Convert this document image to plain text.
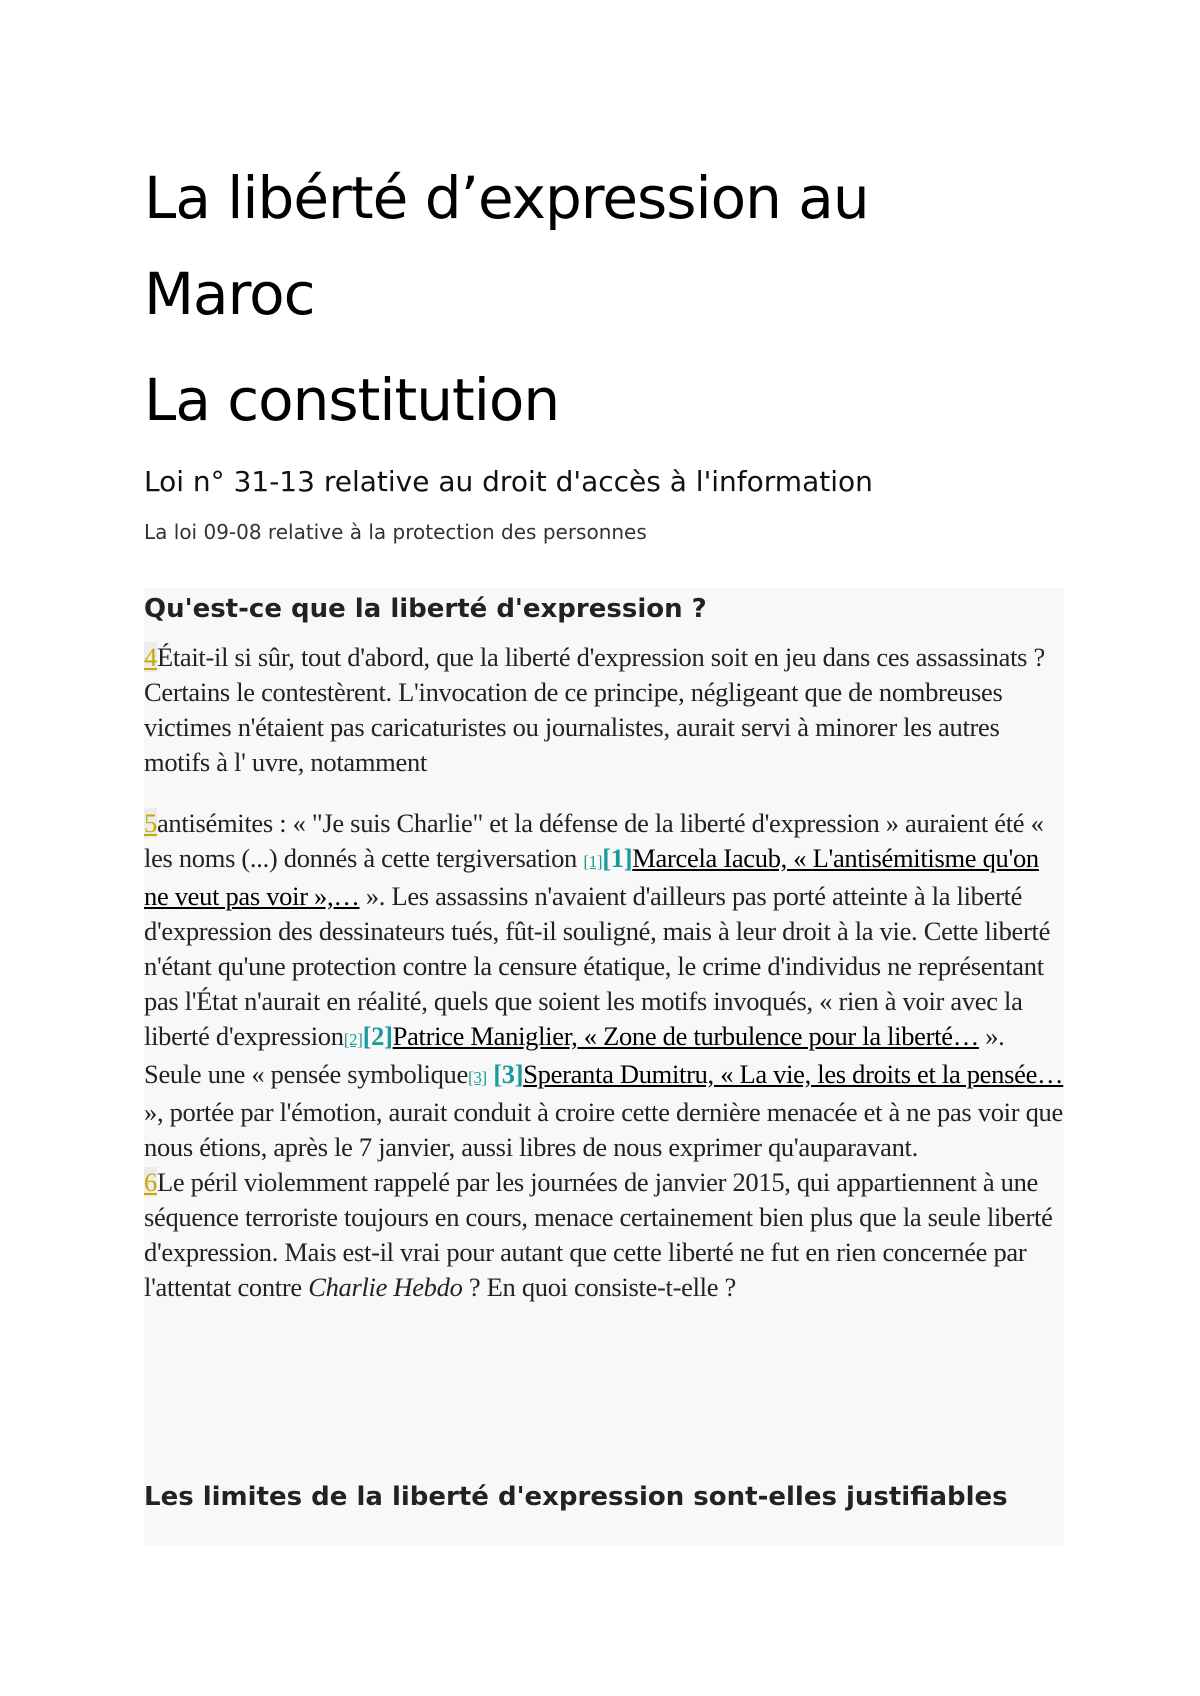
La libérté d’expression au
Maroc
La constitution
Loi n° 31-13 relative au droit d'accès à l'information
La loi 09-08 relative à la protection des personnes
Qu'est-ce que la liberté d'expression ?

4Était-il si sûr, tout d'abord, que la liberté d'expression soit en jeu dans ces assassinats ? Certains le contestèrent. L'invocation de ce principe, négligeant que de nombreuses victimes n'étaient pas caricaturistes ou journalistes, aurait servi à minorer les autres motifs à l' uvre, notamment

5antisémites : « "Je suis Charlie" et la défense de la liberté d'expression » auraient été « les noms (...) donnés à cette tergiversation [1][1]Marcela Iacub, « L'antisémitisme qu'on ne veut pas voir »,… ». Les assassins n'avaient d'ailleurs pas porté atteinte à la liberté d'expression des dessinateurs tués, fût-il souligné, mais à leur droit à la vie. Cette liberté n'étant qu'une protection contre la censure étatique, le crime d'individus ne représentant pas l'État n'aurait en réalité, quels que soient les motifs invoqués, « rien à voir avec la liberté d'expression[2][2]Patrice Maniglier, « Zone de turbulence pour la liberté… ». Seule une « pensée symbolique[3] [3]Speranta Dumitru, « La vie, les droits et la pensée… », portée par l'émotion, aurait conduit à croire cette dernière menacée et à ne pas voir que nous étions, après le 7 janvier, aussi libres de nous exprimer qu'auparavant.
6Le péril violemment rappelé par les journées de janvier 2015, qui appartiennent à une séquence terroriste toujours en cours, menace certainement bien plus que la seule liberté d'expression. Mais est-il vrai pour autant que cette liberté ne fut en rien concernée par l'attentat contre Charlie Hebdo ? En quoi consiste-t-elle ?

Les limites de la liberté d'expression sont-elles justifiables
